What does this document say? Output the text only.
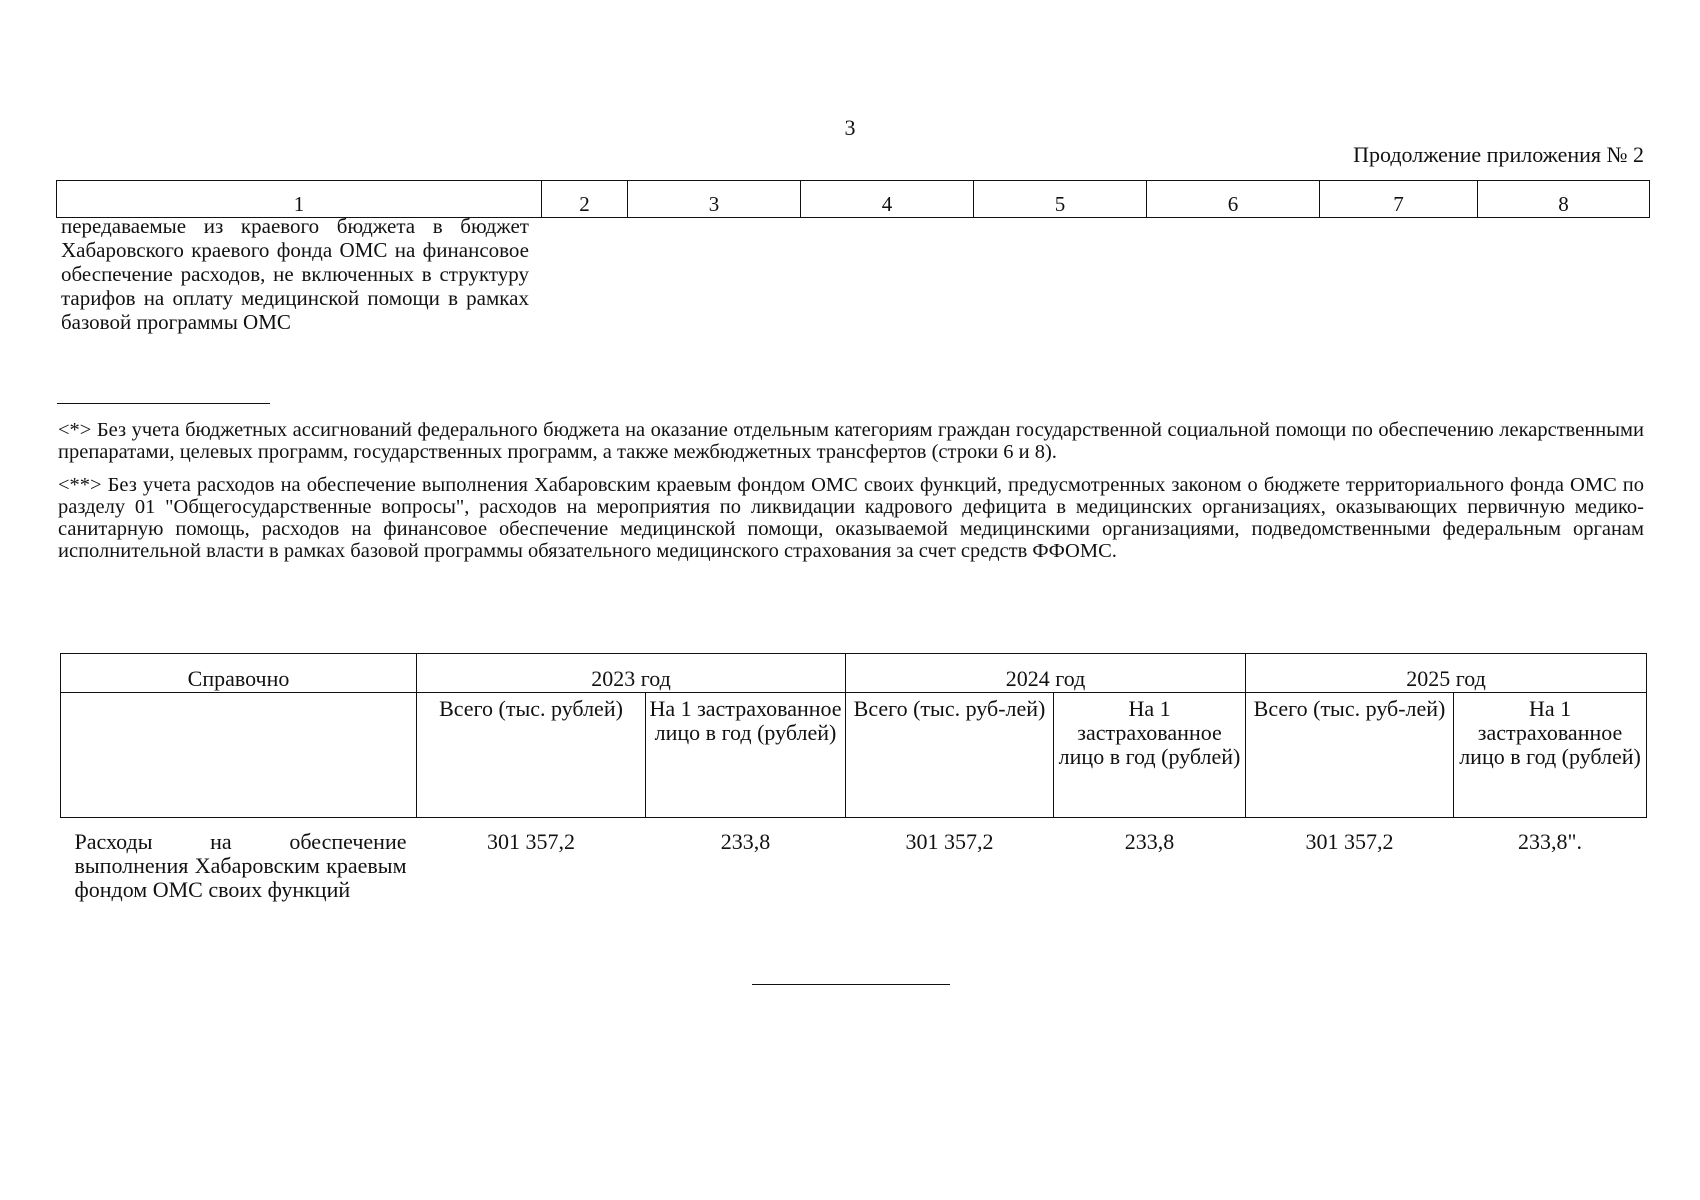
3
Продолжение приложения № 2
1	2	3	4	5	6	7	8
передаваемые из краевого бюджета в бюджет Хабаровского краевого фонда ОМС на финансовое обеспечение расходов, не включенных в структуру тарифов на оплату медицинской помощи в рамках базовой программы ОМС
<*> Без учета бюджетных ассигнований федерального бюджета на оказание отдельным категориям граждан государственной социальной помощи по обеспечению лекарственными препаратами, целевых программ, государственных программ, а также межбюджетных трансфертов (строки 6 и 8).
<**> Без учета расходов на обеспечение выполнения Хабаровским краевым фондом ОМС своих функций, предусмотренных законом о бюджете территориального фонда ОМС по разделу 01 "Общегосударственные вопросы", расходов на мероприятия по ликвидации кадрового дефицита в медицинских организациях, оказывающих первичную медико-санитарную помощь, расходов на финансовое обеспечение медицинской помощи, оказываемой медицинскими организациями, подведомственными федеральным органам исполнительной власти в рамках базовой программы обязательного медицинского страхования за счет средств ФФОМС.
Справочно	2023 год		2024 год		2025 год	
	Всего (тыс. рублей)	На 1 застрахованное лицо в год (рублей)	Всего (тыс. руб-лей)	На 1 застрахованное лицо в год (рублей)	Всего (тыс. руб-лей)	На 1 застрахованное лицо в год (рублей)
Расходы на обеспечение выполнения Хабаровским краевым фондом ОМС своих функций	301 357,2	233,8	301 357,2	233,8	301 357,2	233,8".
